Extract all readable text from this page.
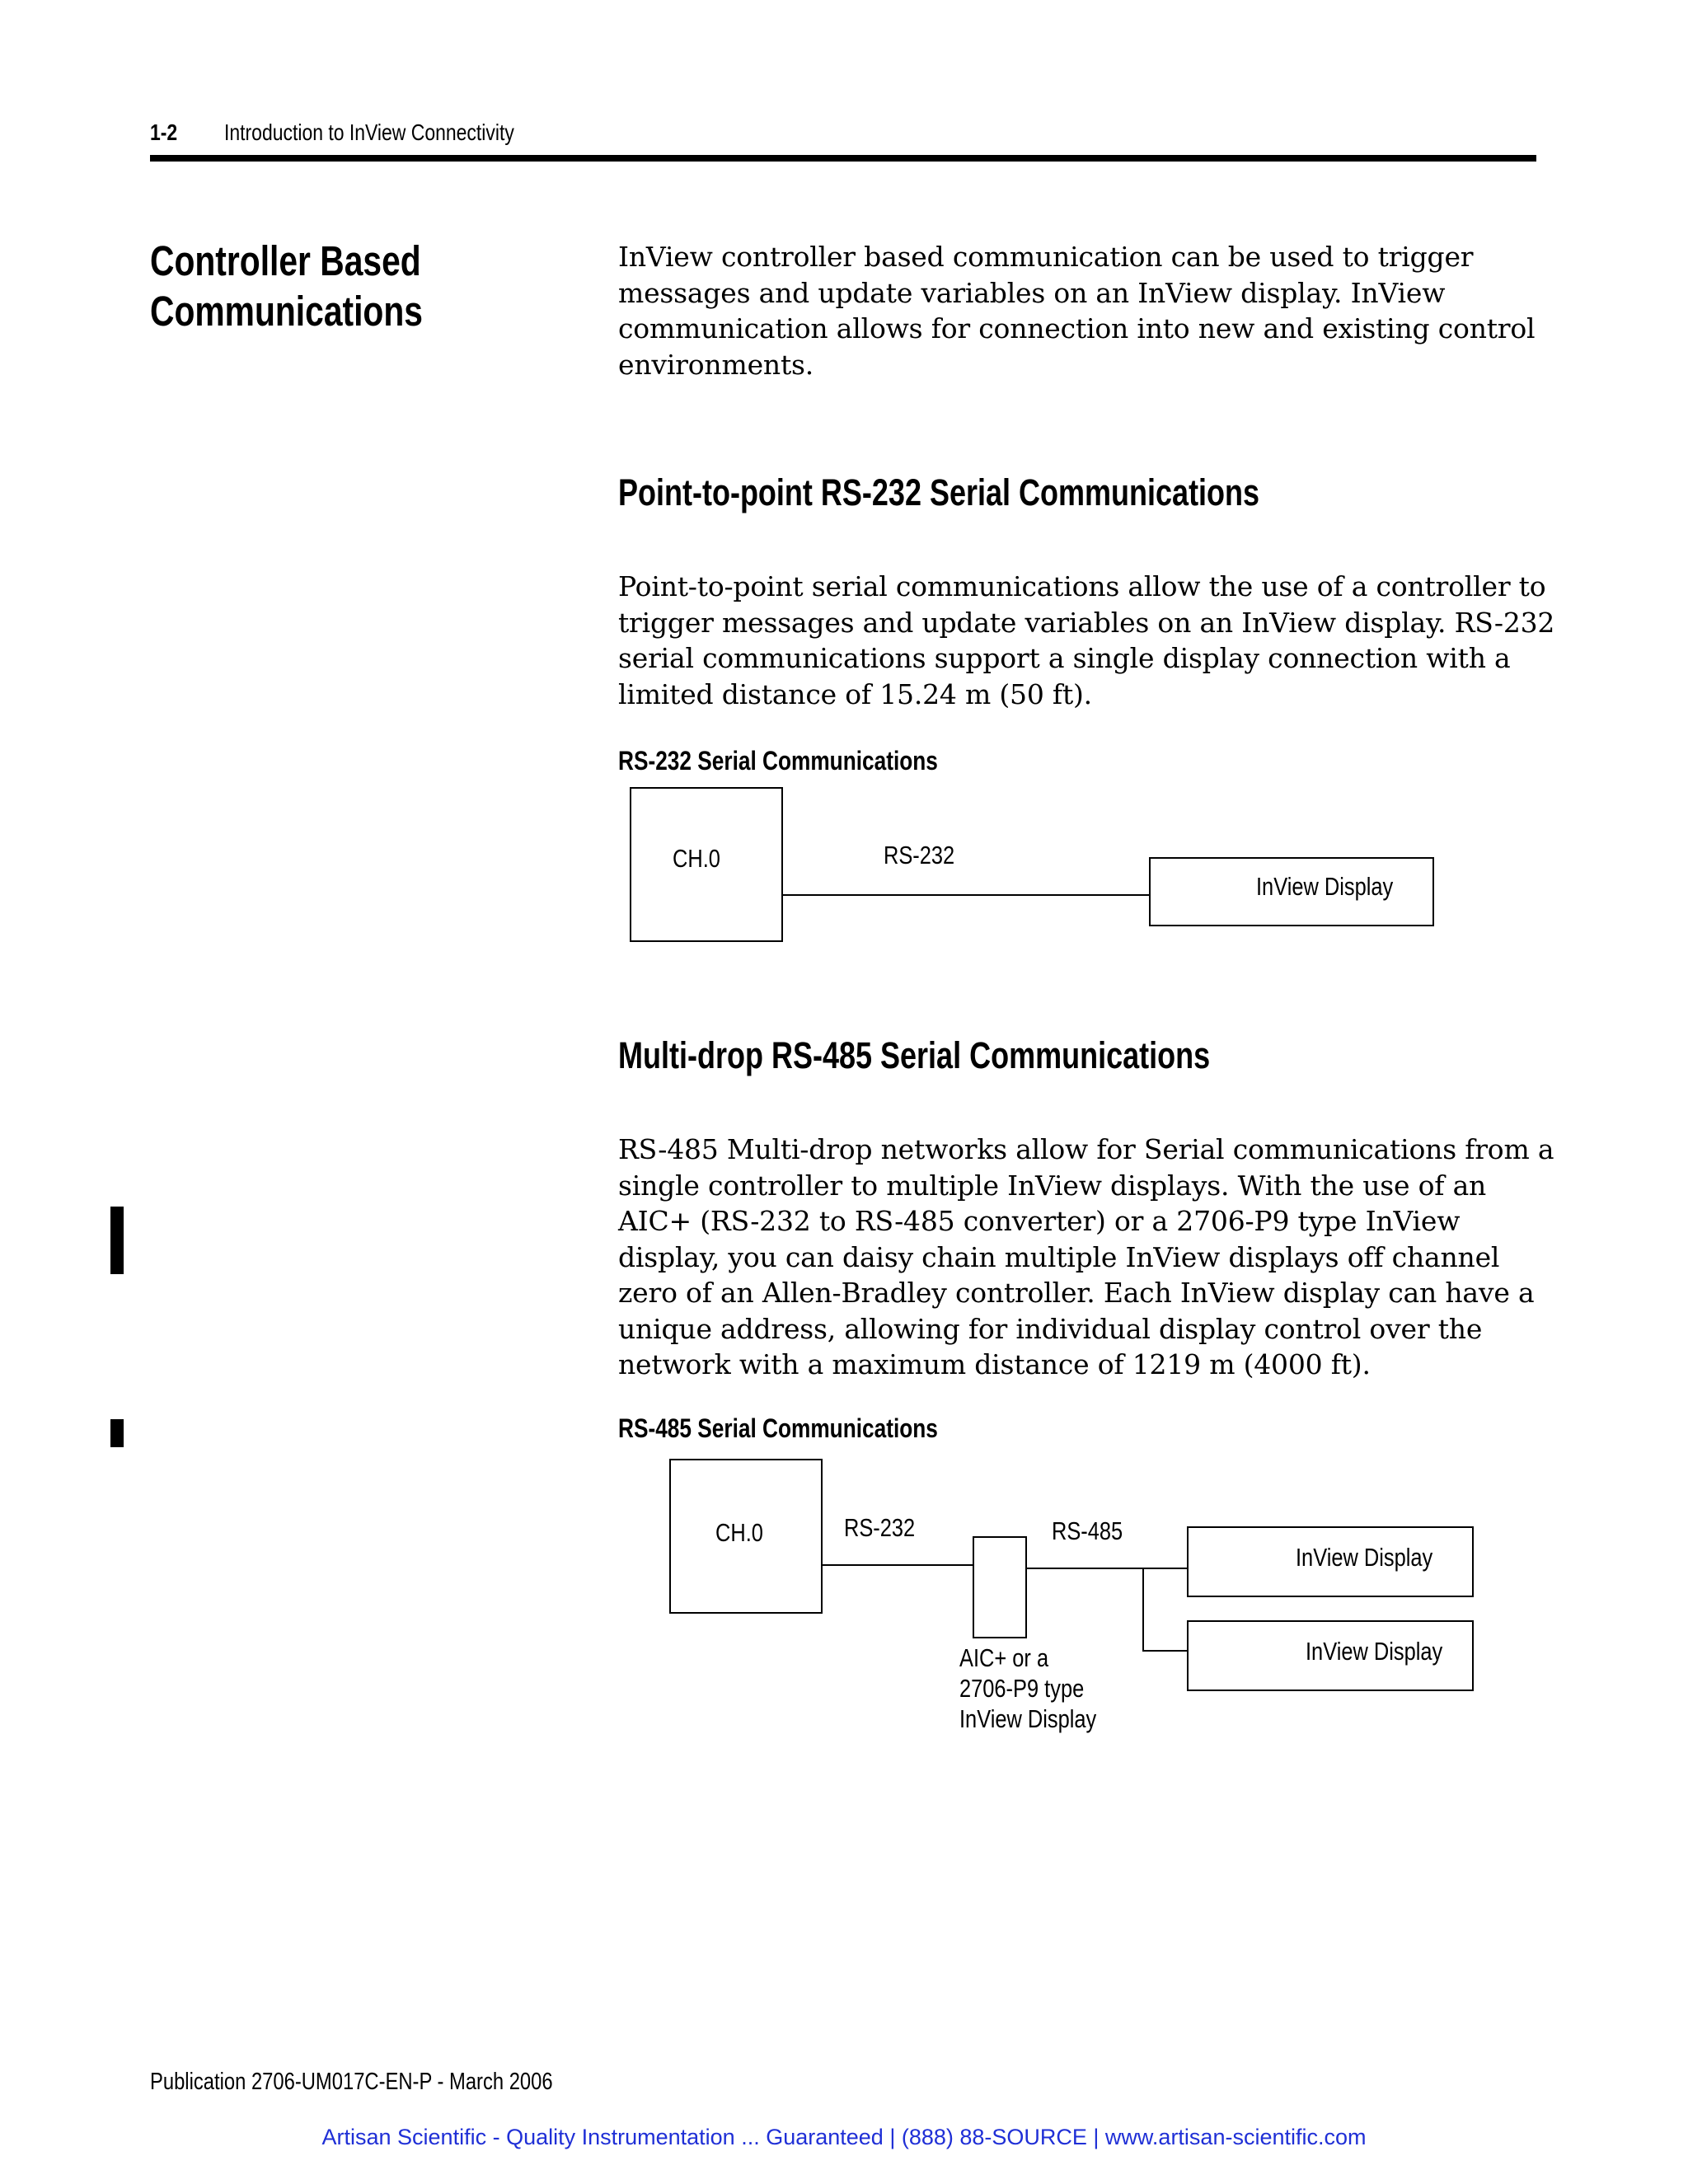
1-2 Introduction to InView Connectivity
Controller Based
Communications
InView controller based communication can be used to trigger messages and update variables on an InView display. InView communication allows for connection into new and existing control environments.
Point-to-point RS-232 Serial Communications
Point-to-point serial communications allow the use of a controller to trigger messages and update variables on an InView display. RS-232 serial communications support a single display connection with a limited distance of 15.24 m (50 ft).
RS-232 Serial Communications
CH.0	RS-232
InView Display
Multi-drop RS-485 Serial Communications
RS-485 Multi-drop networks allow for Serial communications from a single controller to multiple InView displays. With the use of an AIC+ (RS-232 to RS-485 converter) or a 2706-P9 type InView display, you can daisy chain multiple InView displays off channel zero of an Allen-Bradley controller. Each InView display can have a unique address, allowing for individual display control over the network with a maximum distance of 1219 m (4000 ft).
RS-485 Serial Communications
CH.0	RS-232	RS-485
InView Display
InView Display
AIC+ or a
2706-P9 type
InView Display
Publication 2706-UM017C-EN-P - March 2006
Artisan Scientific - Quality Instrumentation ... Guaranteed | (888) 88-SOURCE | www.artisan-scientific.com
